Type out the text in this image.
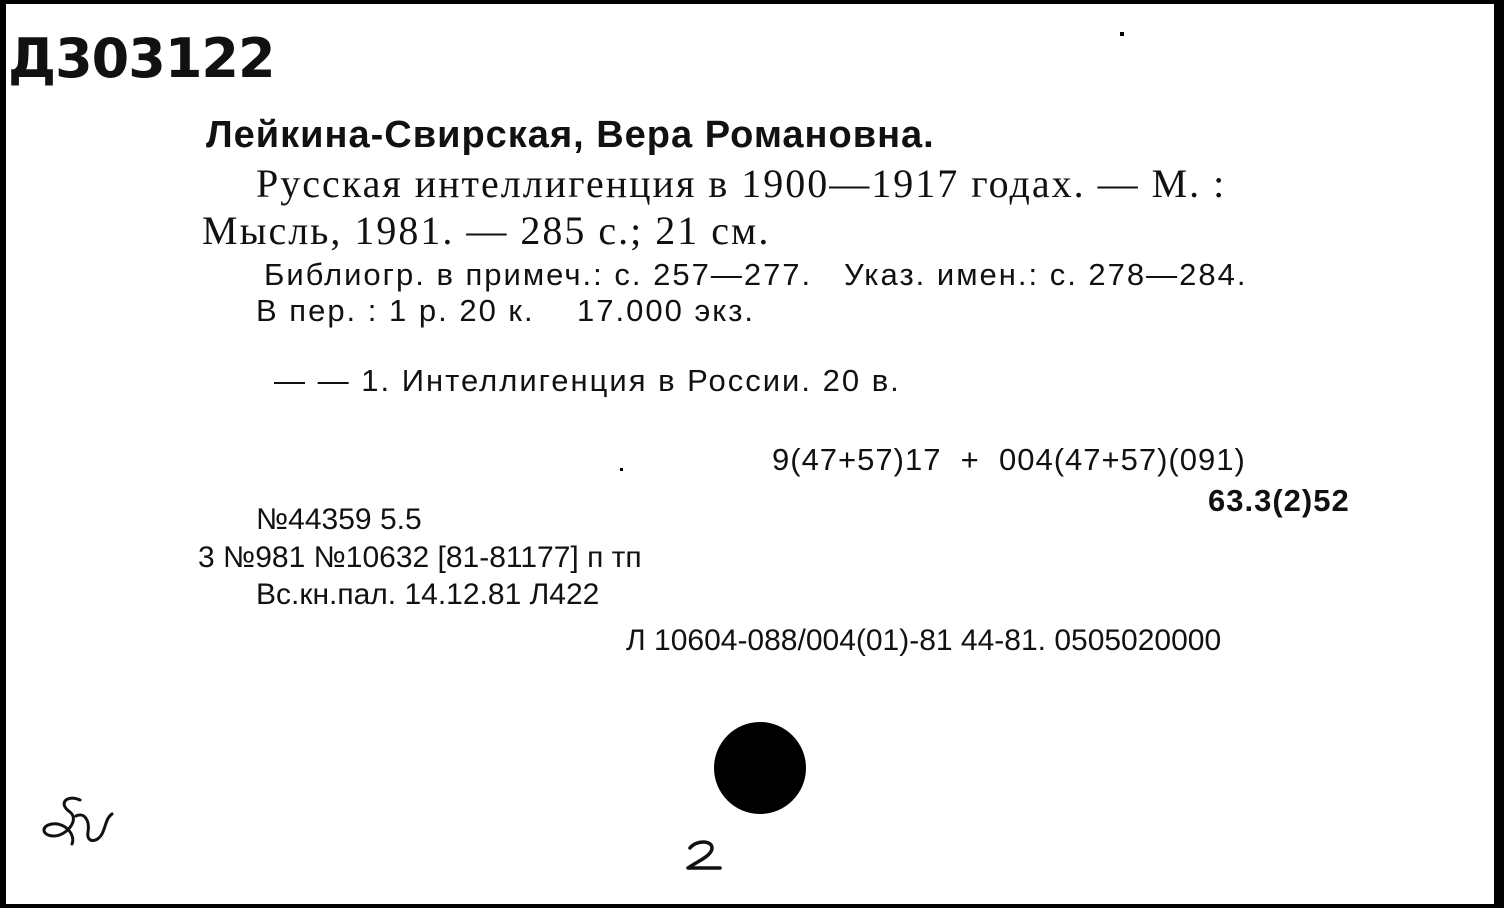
Д303122
Лейкина-Свирская, Вера Романовна.
Русская интеллигенция в 1900—1917 годах. — М. :
Мысль, 1981. — 285 с.; 21 см.
Библиогр. в примеч.: с. 257—277.   Указ. имен.: с. 278—284.
В пер. : 1 р. 20 к.    17.000 экз.
— — 1. Интеллигенция в России. 20 в.
9(47+57)17  +  004(47+57)(091)
63.3(2)52
№44359 5.5
3 №981 №10632 [81-81177] п тп
Вс.кн.пал. 14.12.81 Л422
Л 10604-088/004(01)-81 44-81. 0505020000
